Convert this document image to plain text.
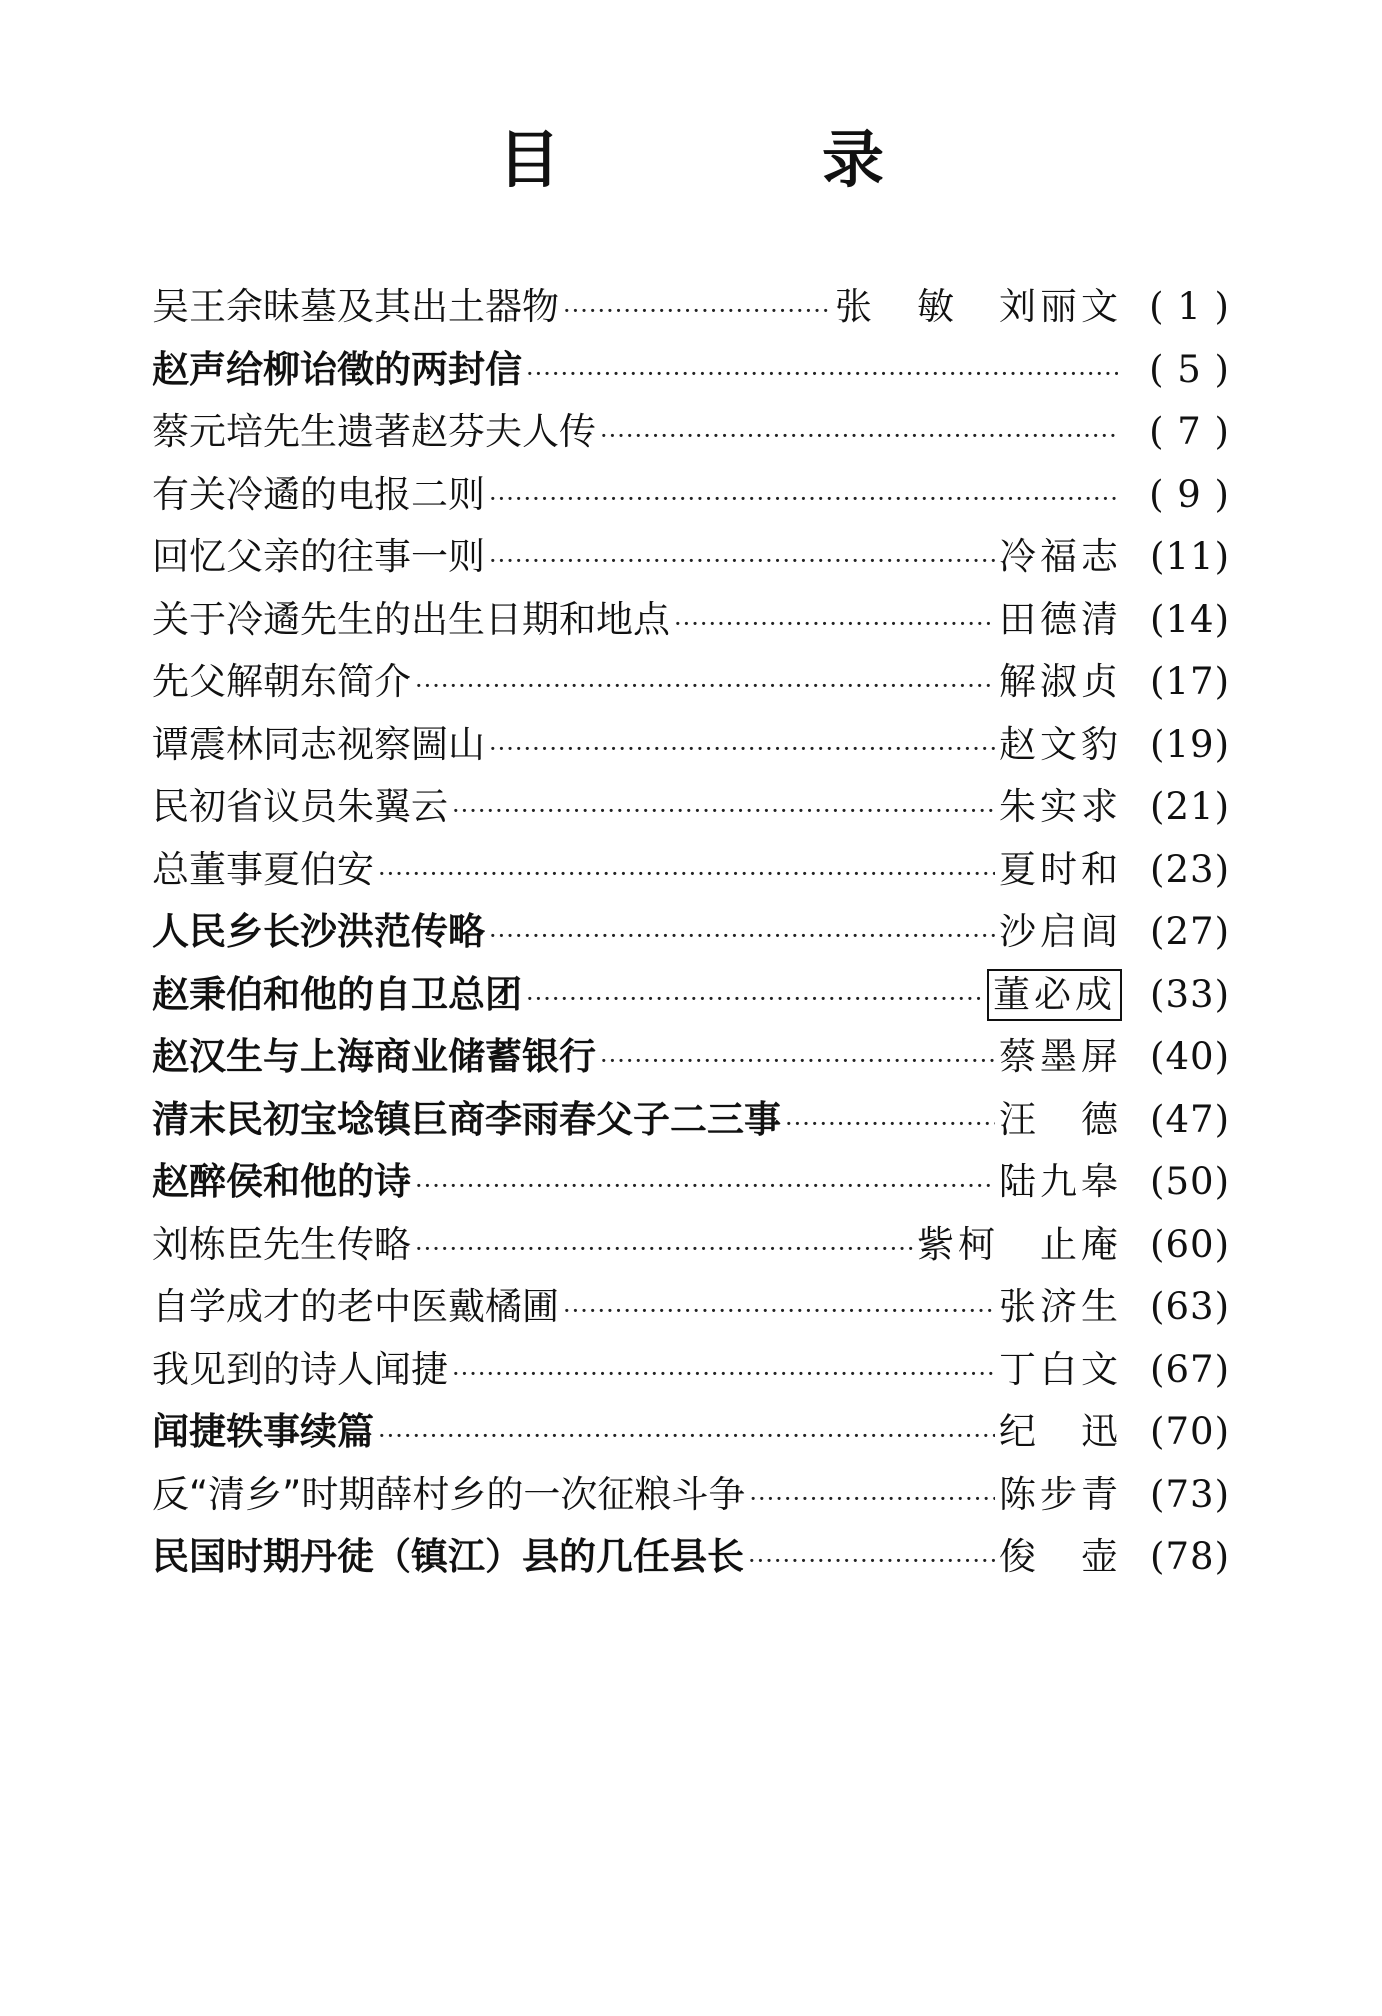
目　录
吴王余昧墓及其出土器物 ·····	张　敏　刘丽文 ( 1 )
赵声给柳诒徵的两封信 ·····	( 5 )
蔡元培先生遗著赵芬夫人传 ·····	( 7 )
有关冷遹的电报二则 ·····	( 9 )
回忆父亲的往事一则 ·····	冷福志 (11)
关于冷遹先生的出生日期和地点 ·····	田德清 (14)
先父解朝东简介 ·····	解淑贞 (17)
谭震林同志视察圌山 ·····	赵文豹 (19)
民初省议员朱翼云 ·····	朱实求 (21)
总董事夏伯安 ·····	夏时和 (23)
人民乡长沙洪范传略 ·····	沙启闾 (27)
赵秉伯和他的自卫总团 ·····	董必成 (33)
赵汉生与上海商业储蓄银行 ·····	蔡墨屏 (40)
清末民初宝埝镇巨商李雨春父子二三事 ·····	汪　德 (47)
赵醉侯和他的诗 ·····	陆九皋 (50)
刘栋臣先生传略 ·····	紫柯　止庵 (60)
自学成才的老中医戴橘圃 ·····	张济生 (63)
我见到的诗人闻捷 ·····	丁白文 (67)
闻捷轶事续篇 ·····	纪　迅 (70)
反“清乡”时期薛村乡的一次征粮斗争 ·····	陈步青 (73)
民国时期丹徒（镇江）县的几任县长 ·····	俊　壶 (78)
